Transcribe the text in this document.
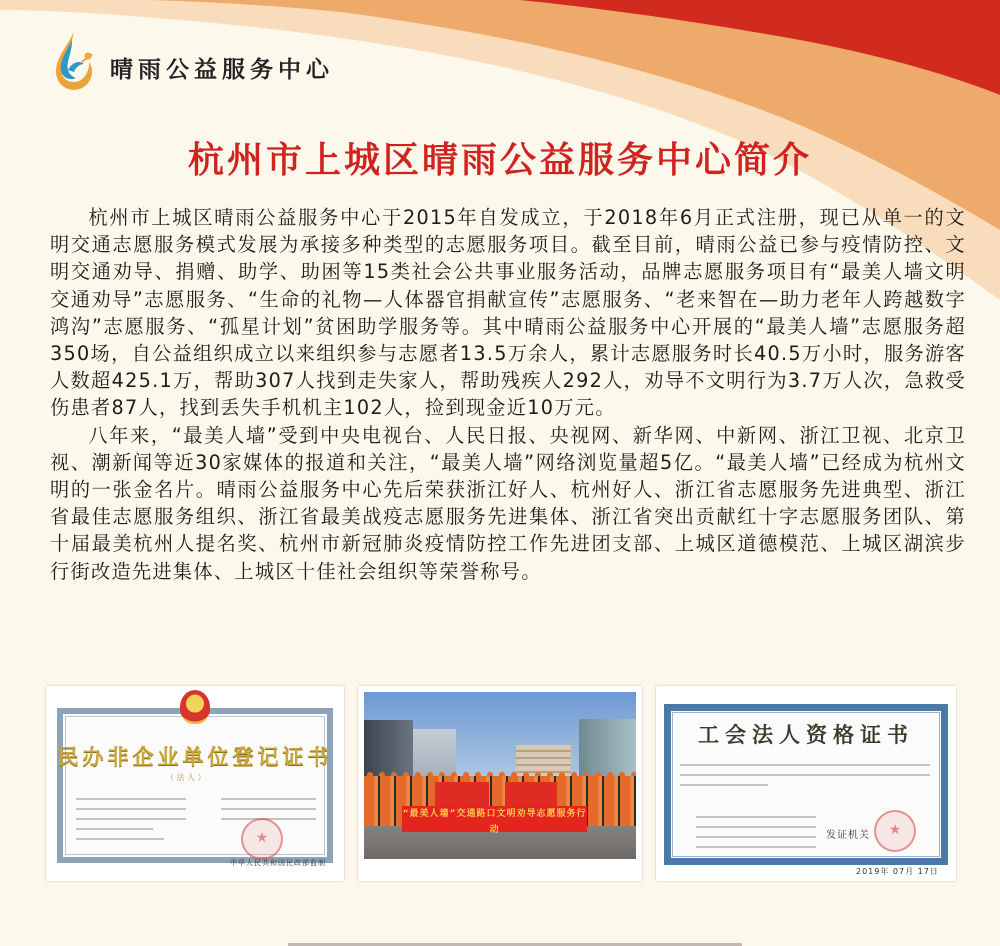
晴雨公益服务中心
杭州市上城区晴雨公益服务中心简介

杭州市上城区晴雨公益服务中心于2015年自发成立，于2018年6月正式注册，现已从单一的文明交通志愿服务模式发展为承接多种类型的志愿服务项目。截至目前，晴雨公益已参与疫情防控、文明交通劝导、捐赠、助学、助困等15类社会公共事业服务活动，品牌志愿服务项目有“最美人墙文明交通劝导”志愿服务、“生命的礼物—人体器官捐献宣传”志愿服务、“老来智在—助力老年人跨越数字鸿沟”志愿服务、“孤星计划”贫困助学服务等。其中晴雨公益服务中心开展的“最美人墙”志愿服务超350场，自公益组织成立以来组织参与志愿者13.5万余人，累计志愿服务时长40.5万小时，服务游客人数超425.1万，帮助307人找到走失家人，帮助残疾人292人，劝导不文明行为3.7万人次，急救受伤患者87人，找到丢失手机机主102人，捡到现金近10万元。

八年来，“最美人墙”受到中央电视台、人民日报、央视网、新华网、中新网、浙江卫视、北京卫视、潮新闻等近30家媒体的报道和关注，“最美人墙”网络浏览量超5亿。“最美人墙”已经成为杭州文明的一张金名片。晴雨公益服务中心先后荣获浙江好人、杭州好人、浙江省志愿服务先进典型、浙江省最佳志愿服务组织、浙江省最美战疫志愿服务先进集体、浙江省突出贡献红十字志愿服务团队、第十届最美杭州人提名奖、杭州市新冠肺炎疫情防控工作先进团支部、上城区道德模范、上城区湖滨步行街改造先进集体、上城区十佳社会组织等荣誉称号。

民办非企业单位登记证书
（ 法 人 ）
★
中华人民共和国民政部监制
“最美人墙”交通路口文明劝导志愿服务行动

工会法人资格证书
发证机关
★
2019年 07月 17日
